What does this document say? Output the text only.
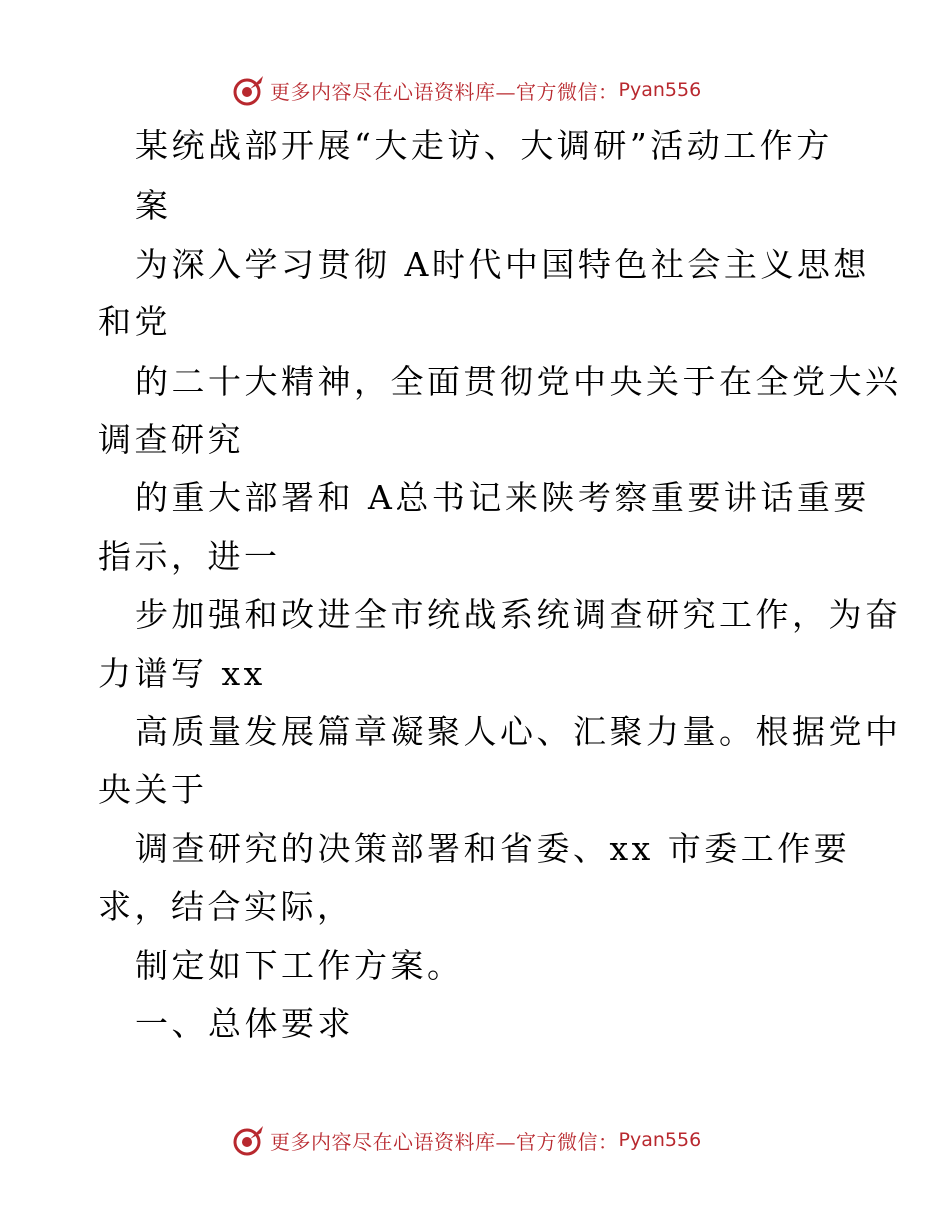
更多内容尽在心语资料库—官方微信： Pyan556
某统战部开展“大走访、大调研”活动工作方
案
为深入学习贯彻 A时代中国特色社会主义思想
和党
的二十大精神，全面贯彻党中央关于在全党大兴
调查研究
的重大部署和 A总书记来陕考察重要讲话重要
指示，进一
步加强和改进全市统战系统调查研究工作，为奋
力谱写 xx
高质量发展篇章凝聚人心、汇聚力量。根据党中
央关于
调查研究的决策部署和省委、xx 市委工作要
求，结合实际，
制定如下工作方案。
一、总体要求
更多内容尽在心语资料库—官方微信： Pyan556
